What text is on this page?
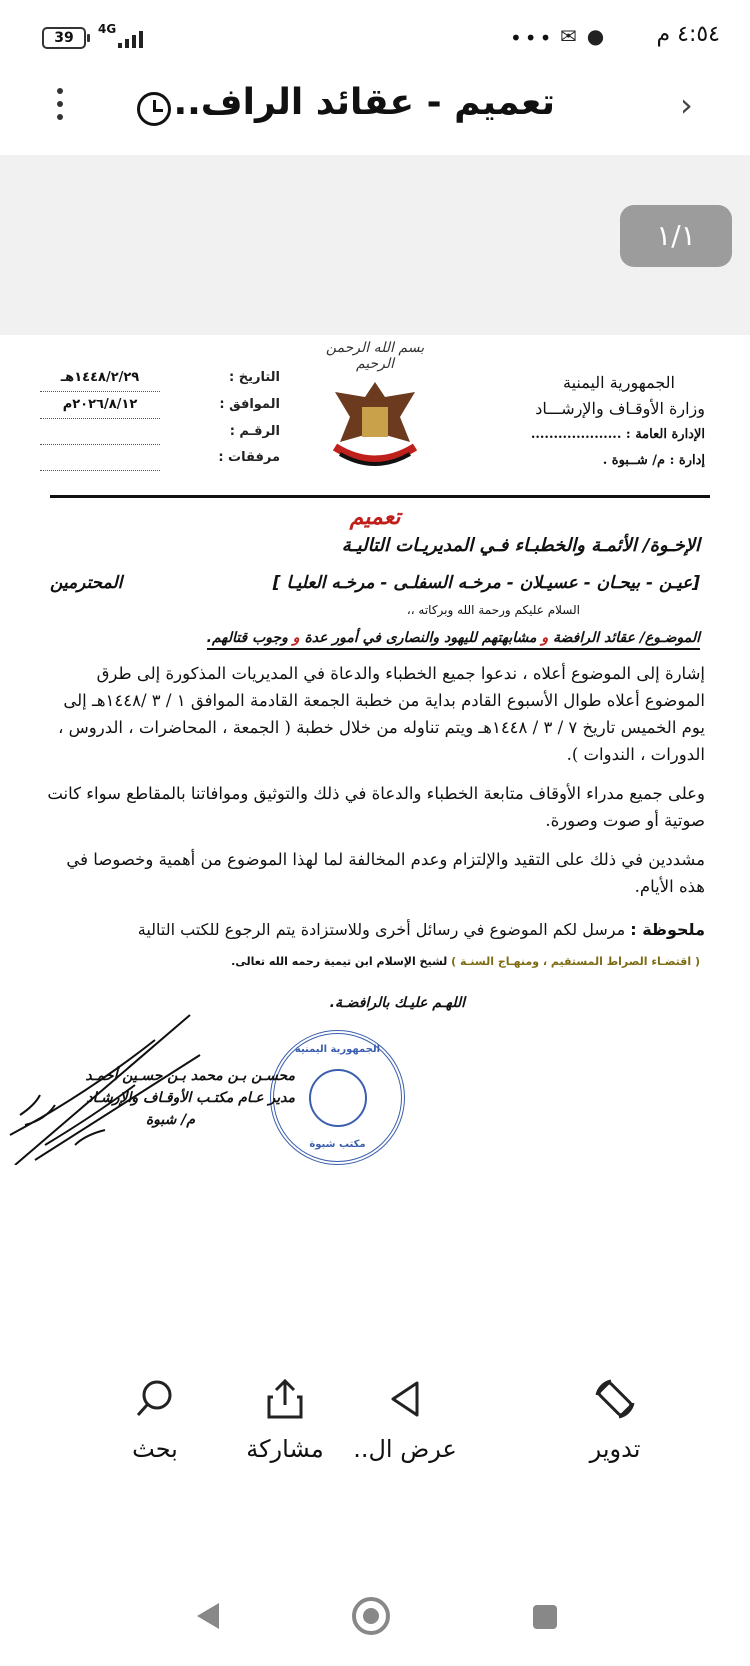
39
4G	••• ✉ ● ٤:٥٤ م
›
تعميم - عقائد الراف..
١/١
الجمهورية اليمنية
وزارة الأوقـاف والإرشـــاد
الإدارة العامة : ....................
إدارة : م/ شــبوة .
بسم الله الرحمن الرحيم
التاريخ :
١٤٤٨/٢/٢٩هـ
الموافق :
٢٠٢٦/٨/١٢م
الرقـم :
مرفقات :
تعميم
الإخـوة/ الأئمـة والخطبـاء فـي المديريـات التاليـة
[عيـن - بيحـان - عسيـلان - مرخـه السفلـى - مرخـه العليـا ]
المحترمين
السلام عليكم ورحمة الله وبركاته ،،
الموضـوع/ عقائد الرافضة و مشابهتهم لليهود والنصارى في أمور عدة و وجوب قتالهم.

إشارة إلى الموضوع أعلاه ، ندعوا جميع الخطباء والدعاة في المديريات المذكورة إلى طرق الموضوع أعلاه طوال الأسبوع القادم بداية من خطبة الجمعة القادمة الموافق ١ / ٣ /١٤٤٨هـ إلى يوم الخميس تاريخ ٧ / ٣ / ١٤٤٨هـ ويتم تناوله من خلال خطبة ( الجمعة ، المحاضرات ، الدروس ، الدورات ، الندوات ).

وعلى جميع مدراء الأوقاف متابعة الخطباء والدعاة في ذلك والتوثيق وموافاتنا بالمقاطع سواء كانت صوتية أو صوت وصورة.

مشددين في ذلك على التقيد والإلتزام وعدم المخالفة لما لهذا الموضوع من أهمية وخصوصا في هذه الأيام.

ملحوظة : مرسل لكم الموضوع في رسائل أخرى وللاستزادة يتم الرجوع للكتب التالية
( اقتضـاء الصراط المستقيم ، ومنهـاج السنـة ) لشيخ الإسلام ابن تيمية رحمه الله تعالى.
اللهـم عليـك بالرافضـة.
الجمهورية اليمنية
مكتب شبوة
محسـن بـن محمد بـن حسـين أحمـد
مدير عـام مكتـب الأوقـاف والإرشـاد
م/ شبوة
تدوير
عرض ال..
مشاركة
بحث
